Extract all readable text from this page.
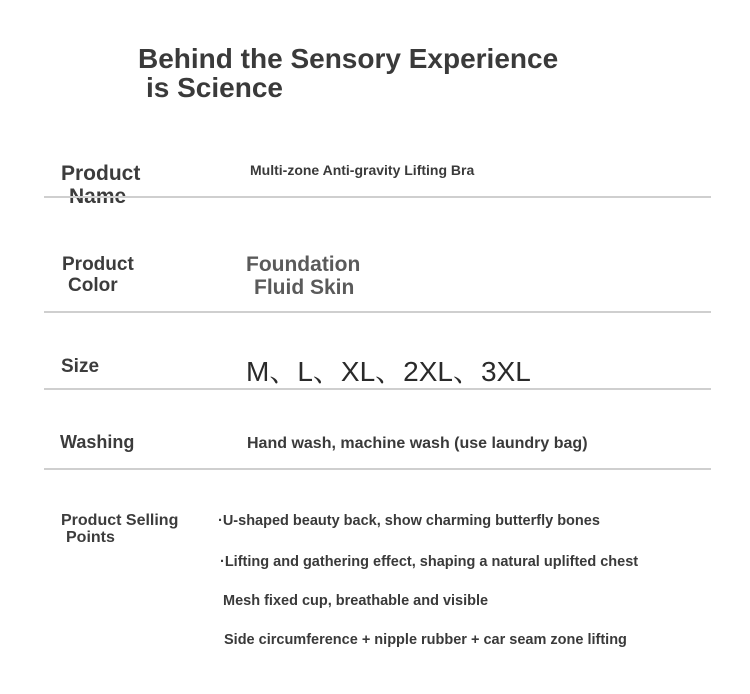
Behind the Sensory Experience
is Science
Product
Name
Multi-zone Anti-gravity Lifting Bra
Product
Color
Foundation
Fluid Skin
Size	M、L、XL、2XL、3XL
Washing	Hand wash, machine wash (use laundry bag)
Product Selling
Points
·U-shaped beauty back, show charming butterfly bones
·Lifting and gathering effect, shaping a natural uplifted chest
Mesh fixed cup, breathable and visible
Side circumference + nipple rubber + car seam zone lifting
